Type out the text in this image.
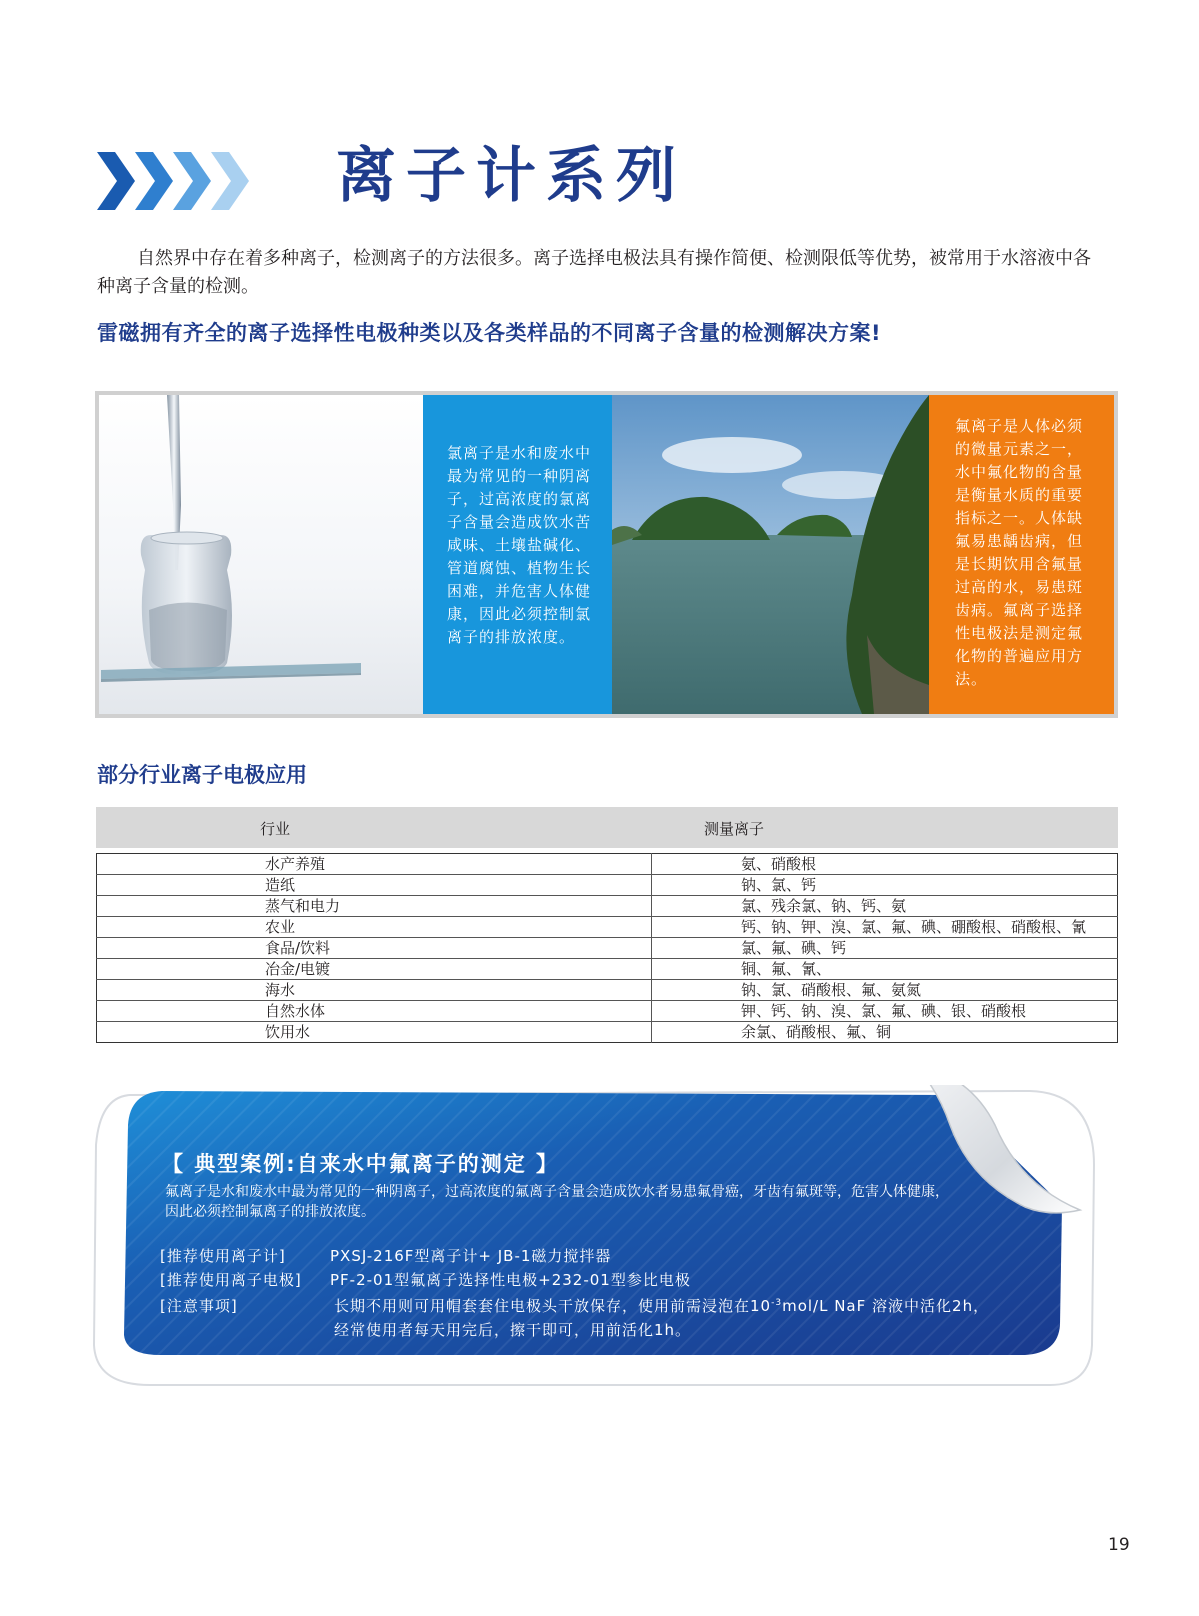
离子计系列
自然界中存在着多种离子，检测离子的方法很多。离子选择电极法具有操作简便、检测限低等优势，被常用于水溶液中各种离子含量的检测。
雷磁拥有齐全的离子选择性电极种类以及各类样品的不同离子含量的检测解决方案!
氯离子是水和废水中最为常见的一种阴离子，过高浓度的氯离子含量会造成饮水苦咸味、土壤盐碱化、管道腐蚀、植物生长困难，并危害人体健康，因此必须控制氯离子的排放浓度。
氟离子是人体必须的微量元素之一，水中氟化物的含量是衡量水质的重要指标之一。人体缺氟易患龋齿病，但是长期饮用含氟量过高的水，易患斑齿病。氟离子选择性电极法是测定氟化物的普遍应用方法。
部分行业离子电极应用
行业	测量离子
水产养殖	氨、硝酸根
造纸	钠、氯、钙
蒸气和电力	氯、残余氯、钠、钙、氨
农业	钙、钠、钾、溴、氯、氟、碘、硼酸根、硝酸根、氰
食品/饮料	氯、氟、碘、钙
冶金/电镀	铜、氟、氰、
海水	钠、氯、硝酸根、氟、氨氮
自然水体	钾、钙、钠、溴、氯、氟、碘、银、硝酸根
饮用水	余氯、硝酸根、氟、铜
【 典型案例:自来水中氟离子的测定 】
氟离子是水和废水中最为常见的一种阴离子，过高浓度的氟离子含量会造成饮水者易患氟骨癌，牙齿有氟斑等，危害人体健康，因此必须控制氟离子的排放浓度。
[推荐使用离子计]	PXSJ-216F型离子计+ JB-1磁力搅拌器
[推荐使用离子电极] PF-2-01型氟离子选择性电极+232-01型参比电极
[注意事项]	长期不用则可用帽套套住电极头干放保存，使用前需浸泡在$10^{-3}mol/L$ NaF 溶液中活化2h，
经常使用者每天用完后，擦干即可，用前活化1h。
19
